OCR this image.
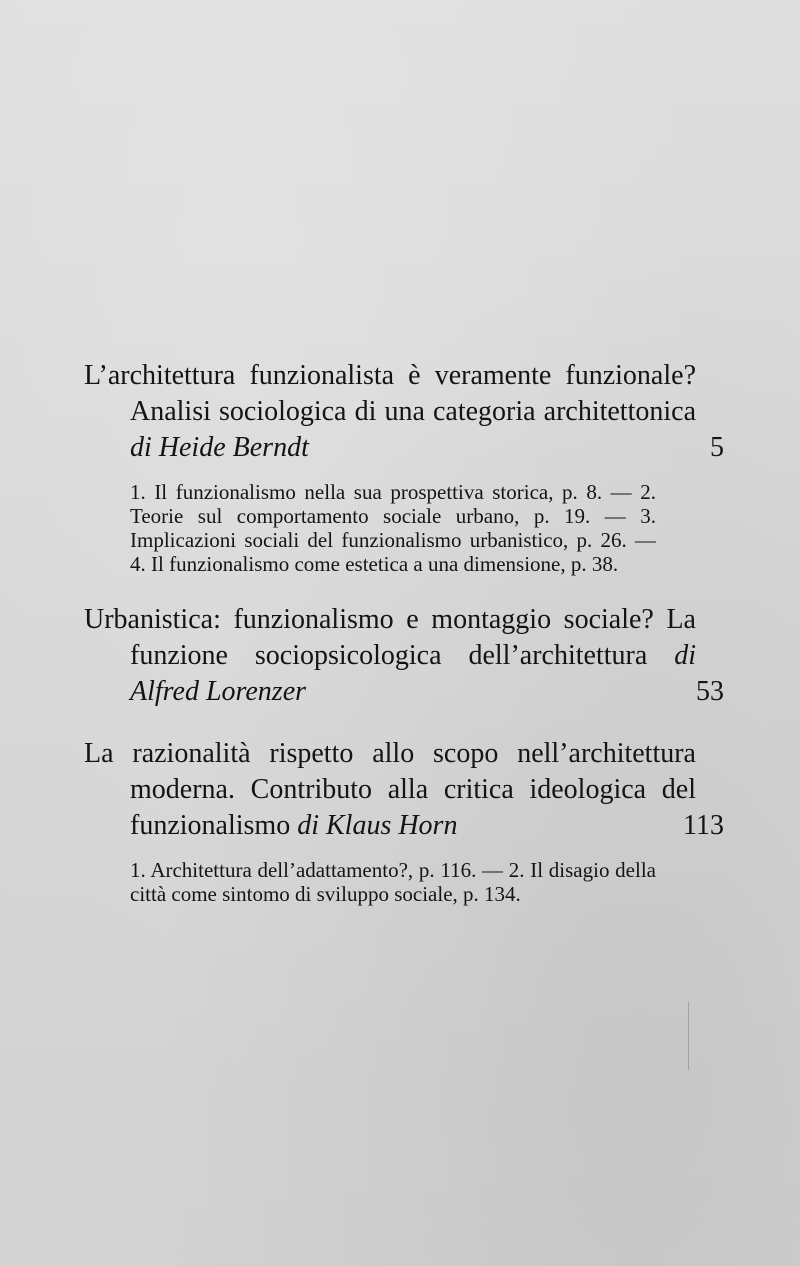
L’architettura funzionalista è veramente funzionale? Analisi sociologica di una categoria architettonica di Heide Berndt	5

1. Il funzionalismo nella sua prospettiva storica, p. 8. — 2. Teorie sul comportamento sociale urbano, p. 19. — 3. Implicazioni sociali del funzionalismo urbanistico, p. 26. — 4. Il funzionalismo come estetica a una dimensione, p. 38.

Urbanistica: funzionalismo e montaggio sociale? La funzione sociopsicologica dell’architettura di Alfred Lorenzer	53

La razionalità rispetto allo scopo nell’architettura moderna. Contributo alla critica ideologica del funzionalismo di Klaus Horn	113

1. Architettura dell’adattamento?, p. 116. — 2. Il disagio della città come sintomo di sviluppo sociale, p. 134.
